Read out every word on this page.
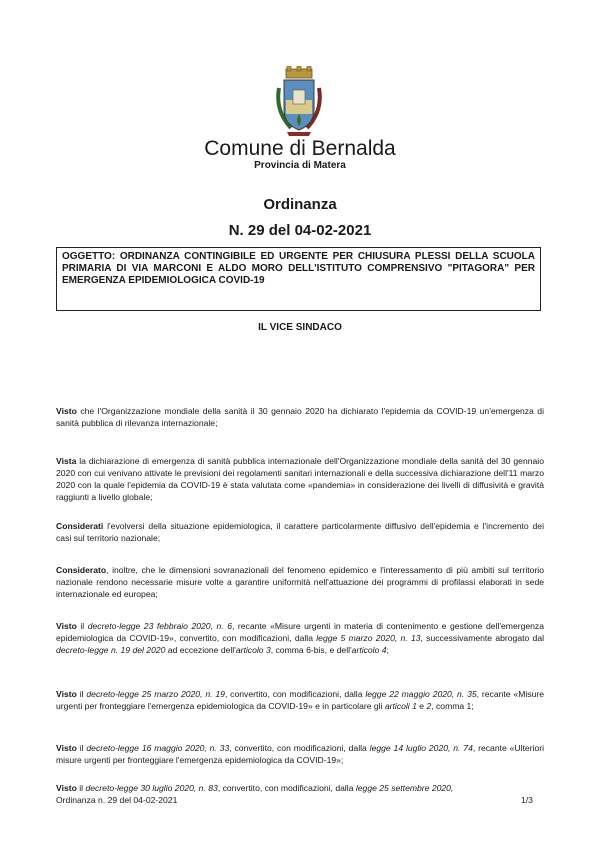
Comune di Bernalda
Provincia di Matera
Ordinanza
N. 29 del 04-02-2021
OGGETTO: ORDINANZA CONTINGIBILE ED URGENTE PER CHIUSURA PLESSI DELLA SCUOLA PRIMARIA DI VIA MARCONI E ALDO MORO DELL'ISTITUTO COMPRENSIVO "PITAGORA" PER EMERGENZA EPIDEMIOLOGICA COVID-19
IL VICE SINDACO
Visto che l'Organizzazione mondiale della sanità il 30 gennaio 2020 ha dichiarato l'epidemia da COVID-19 un'emergenza di sanità pubblica di rilevanza internazionale;
Vista la dichiarazione di emergenza di sanità pubblica internazionale dell'Organizzazione mondiale della sanità del 30 gennaio 2020 con cui venivano attivate le previsioni dei regolamenti sanitari internazionali e della successiva dichiarazione dell'11 marzo 2020 con la quale l'epidemia da COVID-19 è stata valutata come «pandemia» in considerazione dei livelli di diffusività e gravità raggiunti a livello globale;
Considerati l'evolversi della situazione epidemiologica, il carattere particolarmente diffusivo dell'epidemia e l'incremento dei casi sul territorio nazionale;
Considerato, inoltre, che le dimensioni sovranazionali del fenomeno epidemico e l'interessamento di più ambiti sul territorio nazionale rendono necessarie misure volte a garantire uniformità nell'attuazione dei programmi di profilassi elaborati in sede internazionale ed europea;
Visto il decreto-legge 23 febbraio 2020, n. 6, recante «Misure urgenti in materia di contenimento e gestione dell'emergenza epidemiologica da COVID-19», convertito, con modificazioni, dalla legge 5 marzo 2020, n. 13, successivamente abrogato dal decreto-legge n. 19 del 2020 ad eccezione dell'articolo 3, comma 6-bis, e dell'articolo 4;
Visto il decreto-legge 25 marzo 2020, n. 19, convertito, con modificazioni, dalla legge 22 maggio 2020, n. 35, recante «Misure urgenti per fronteggiare l'emergenza epidemiologica da COVID-19» e in particolare gli articoli 1 e 2, comma 1;
Visto il decreto-legge 16 maggio 2020, n. 33, convertito, con modificazioni, dalla legge 14 luglio 2020, n. 74, recante «Ulteriori misure urgenti per fronteggiare l'emergenza epidemiologica da COVID-19»;
Visto il decreto-legge 30 luglio 2020, n. 83, convertito, con modificazioni, dalla legge 25 settembre 2020,
Ordinanza n. 29 del 04-02-2021	1/3
